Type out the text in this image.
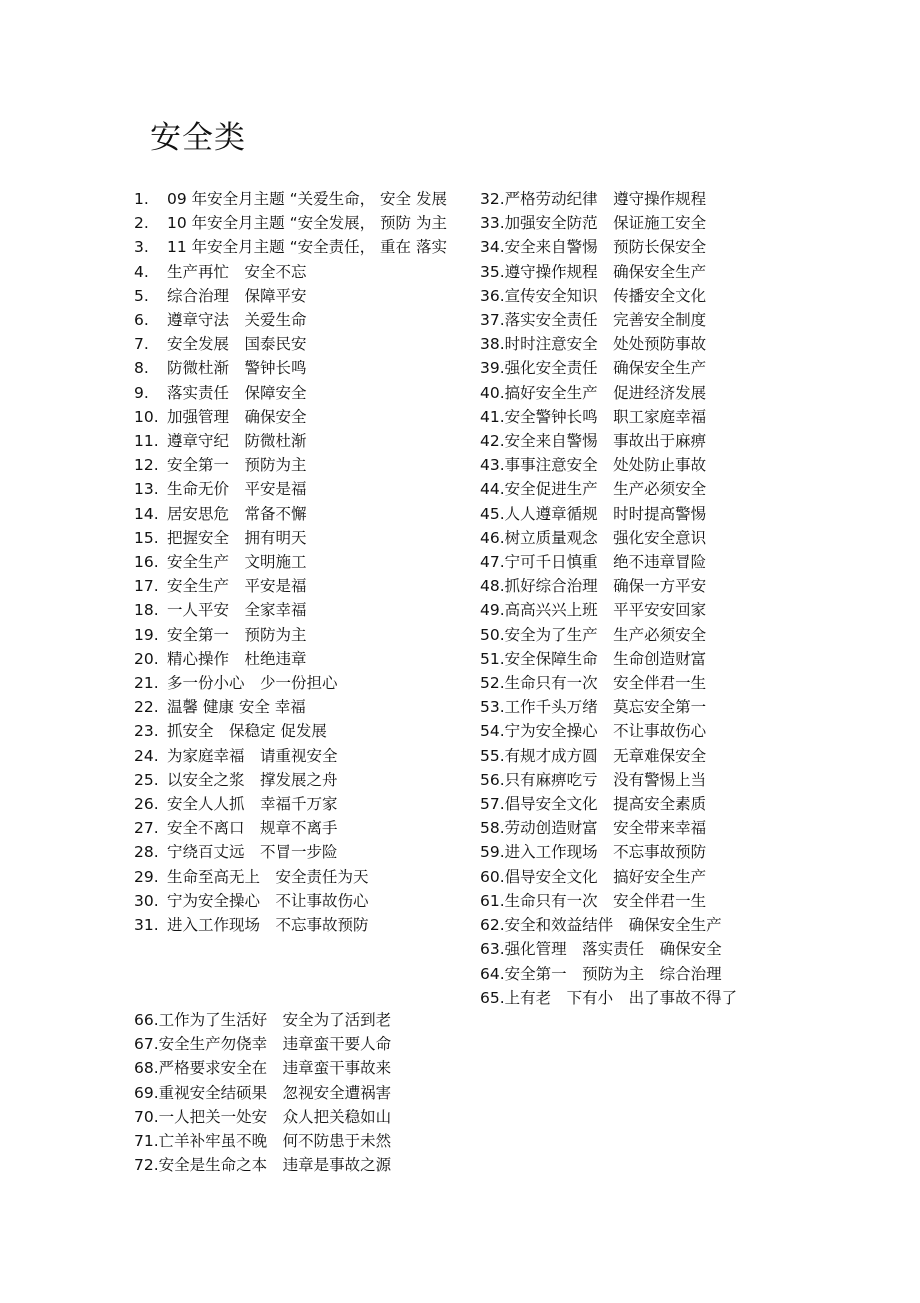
安全类
1. 09 年安全月主题 “关爱生命， 安全 发展
2. 10 年安全月主题 “安全发展， 预防 为主
3. 11 年安全月主题 “安全责任， 重在 落实
4. 生产再忙　安全不忘
5. 综合治理　保障平安
6. 遵章守法　关爱生命
7. 安全发展　国泰民安
8. 防微杜渐　警钟长鸣
9. 落实责任　保障安全
10. 加强管理　确保安全
11. 遵章守纪　防微杜渐
12. 安全第一　预防为主
13. 生命无价　平安是福
14. 居安思危　常备不懈
15. 把握安全　拥有明天
16. 安全生产　文明施工
17. 安全生产　平安是福
18. 一人平安　全家幸福
19. 安全第一　预防为主
20. 精心操作　杜绝违章
21. 多一份小心　少一份担心
22. 温馨 健康 安全 幸福
23. 抓安全　保稳定 促发展
24. 为家庭幸福　请重视安全
25. 以安全之浆　撑发展之舟
26. 安全人人抓　幸福千万家
27. 安全不离口　规章不离手
28. 宁绕百丈远　不冒一步险
29. 生命至高无上　安全责任为天
30. 宁为安全操心　不让事故伤心
31. 进入工作现场　不忘事故预防
32.严格劳动纪律　遵守操作规程
33.加强安全防范　保证施工安全
34.安全来自警惕　预防长保安全
35.遵守操作规程　确保安全生产
36.宣传安全知识　传播安全文化
37.落实安全责任　完善安全制度
38.时时注意安全　处处预防事故
39.强化安全责任　确保安全生产
40.搞好安全生产　促进经济发展
41.安全警钟长鸣　职工家庭幸福
42.安全来自警惕　事故出于麻痹
43.事事注意安全　处处防止事故
44.安全促进生产　生产必须安全
45.人人遵章循规　时时提高警惕
46.树立质量观念　强化安全意识
47.宁可千日慎重　绝不违章冒险
48.抓好综合治理　确保一方平安
49.高高兴兴上班　平平安安回家
50.安全为了生产　生产必须安全
51.安全保障生命　生命创造财富
52.生命只有一次　安全伴君一生
53.工作千头万绪　莫忘安全第一
54.宁为安全操心　不让事故伤心
55.有规才成方圆　无章难保安全
56.只有麻痹吃亏　没有警惕上当
57.倡导安全文化　提高安全素质
58.劳动创造财富　安全带来幸福
59.进入工作现场　不忘事故预防
60.倡导安全文化　搞好安全生产
61.生命只有一次　安全伴君一生
62.安全和效益结伴　确保安全生产
63.强化管理　落实责任　确保安全
64.安全第一　预防为主　综合治理
65.上有老　下有小　出了事故不得了
66.工作为了生活好　安全为了活到老
67.安全生产勿侥幸　违章蛮干要人命
68.严格要求安全在　违章蛮干事故来
69.重视安全结硕果　忽视安全遭祸害
70.一人把关一处安　众人把关稳如山
71.亡羊补牢虽不晚　何不防患于未然
72.安全是生命之本　违章是事故之源
